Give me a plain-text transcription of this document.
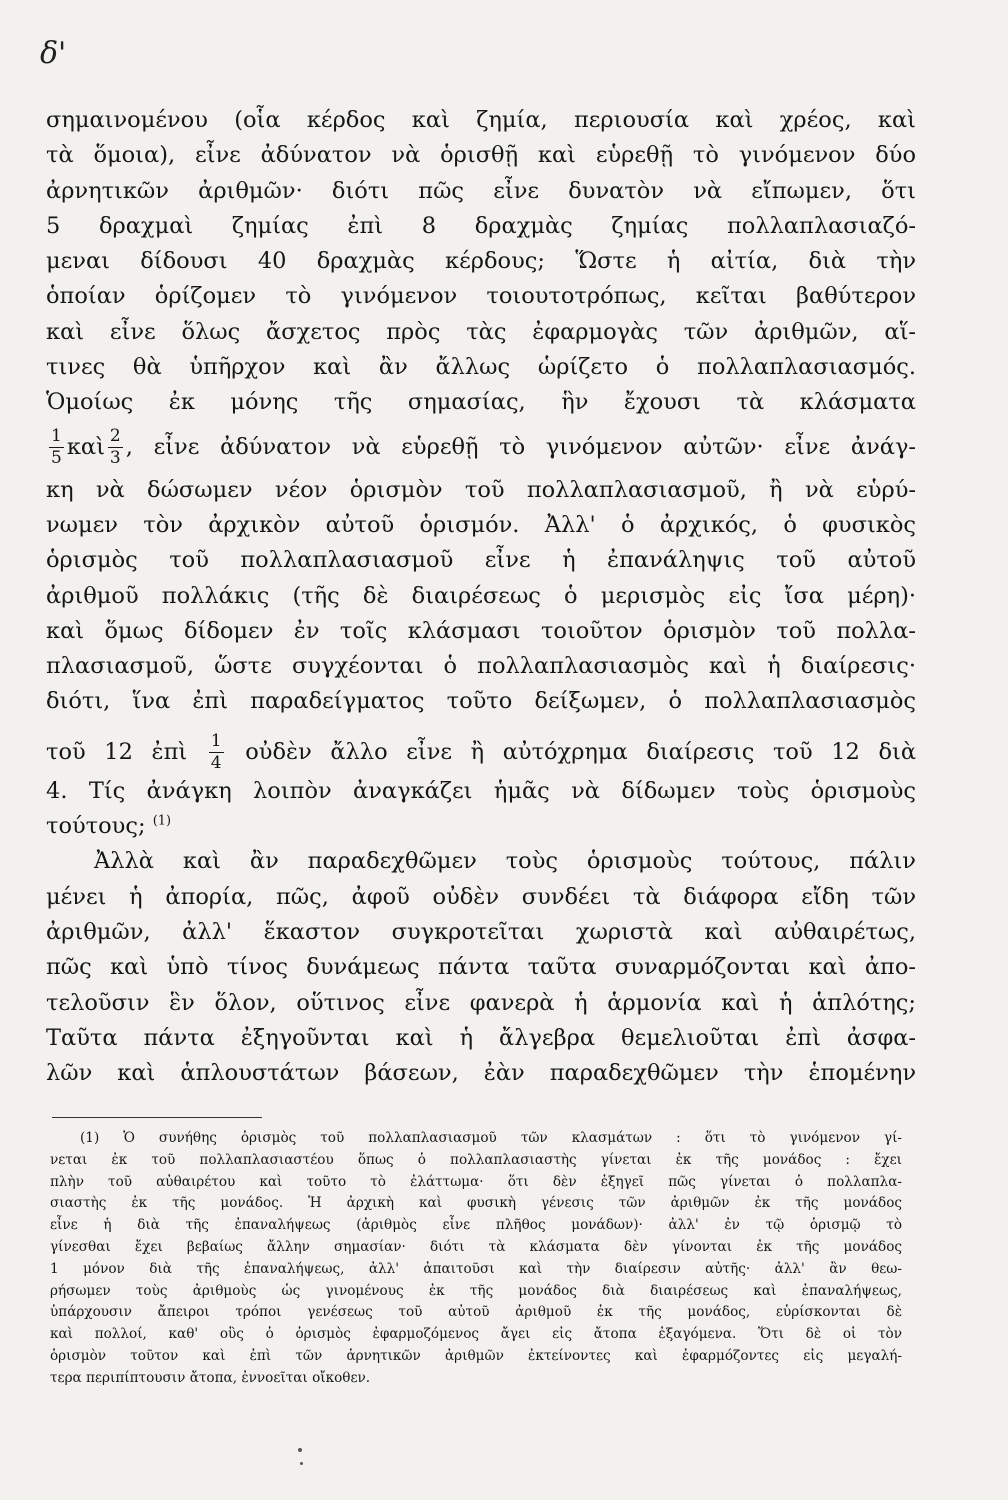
δ'
σημαινομένου (οἷα κέρδος καὶ ζημία, περιουσία καὶ χρέος, καὶ
τὰ ὅμοια), εἶνε ἀδύνατον νὰ ὁρισθῇ καὶ εὑρεθῇ τὸ γινόμενον δύο
ἀρνητικῶν ἀριθμῶν· διότι πῶς εἶνε δυνατὸν νὰ εἴπωμεν, ὅτι
5 δραχμαὶ ζημίας ἐπὶ 8 δραχμὰς ζημίας πολλαπλασιαζό-
μεναι δίδουσι 40 δραχμὰς κέρδους; Ὥστε ἡ αἰτία, διὰ τὴν
ὁποίαν ὁρίζομεν τὸ γινόμενον τοιουτοτρόπως, κεῖται βαθύτερον
καὶ εἶνε ὅλως ἄσχετος πρὸς τὰς ἐφαρμογὰς τῶν ἀριθμῶν, αἵ-
τινες θὰ ὑπῆρχον καὶ ἂν ἄλλως ὡρίζετο ὁ πολλαπλασιασμός.
Ὁμοίως ἐκ μόνης τῆς σημασίας, ἣν ἔχουσι τὰ κλάσματα
$\frac{1}{5}$ καὶ $\frac{2}{3}$ , εἶνε ἀδύνατον νὰ εὑρεθῇ τὸ γινόμενον αὐτῶν· εἶνε ἀνάγ-
κη νὰ δώσωμεν νέον ὁρισμὸν τοῦ πολλαπλασιασμοῦ, ἢ νὰ εὑρύ-
νωμεν τὸν ἀρχικὸν αὐτοῦ ὁρισμόν. Ἀλλ' ὁ ἀρχικός, ὁ φυσικὸς
ὁρισμὸς τοῦ πολλαπλασιασμοῦ εἶνε ἡ ἐπανάληψις τοῦ αὐτοῦ
ἀριθμοῦ πολλάκις (τῆς δὲ διαιρέσεως ὁ μερισμὸς εἰς ἴσα μέρη)·
καὶ ὅμως δίδομεν ἐν τοῖς κλάσμασι τοιοῦτον ὁρισμὸν τοῦ πολλα-
πλασιασμοῦ, ὥστε συγχέονται ὁ πολλαπλασιασμὸς καὶ ἡ διαίρεσις·
διότι, ἵνα ἐπὶ παραδείγματος τοῦτο δείξωμεν, ὁ πολλαπλασιασμὸς
τοῦ 12 ἐπὶ $\frac{1}{4}$ οὐδὲν ἄλλο εἶνε ἢ αὐτόχρημα διαίρεσις τοῦ 12 διὰ
4. Τίς ἀνάγκη λοιπὸν ἀναγκάζει ἡμᾶς νὰ δίδωμεν τοὺς ὁρισμοὺς
τούτους; $^{(1)}$
Ἀλλὰ καὶ ἂν παραδεχθῶμεν τοὺς ὁρισμοὺς τούτους, πάλιν
μένει ἡ ἀπορία, πῶς, ἀφοῦ οὐδὲν συνδέει τὰ διάφορα εἴδη τῶν
ἀριθμῶν, ἀλλ' ἕκαστον συγκροτεῖται χωριστὰ καὶ αὐθαιρέτως,
πῶς καὶ ὑπὸ τίνος δυνάμεως πάντα ταῦτα συναρμόζονται καὶ ἀπο-
τελοῦσιν ἓν ὅλον, οὕτινος εἶνε φανερὰ ἡ ἁρμονία καὶ ἡ ἁπλότης;
Ταῦτα πάντα ἐξηγοῦνται καὶ ἡ ἄλγεβρα θεμελιοῦται ἐπὶ ἀσφα-
λῶν καὶ ἁπλουστάτων βάσεων, ἐὰν παραδεχθῶμεν τὴν ἑπομένην
(1) Ὁ συνήθης ὁρισμὸς τοῦ πολλαπλασιασμοῦ τῶν κλασμάτων : ὅτι τὸ γινόμενον γί-
νεται ἐκ τοῦ πολλαπλασιαστέου ὅπως ὁ πολλαπλασιαστὴς γίνεται ἐκ τῆς μονάδος : ἔχει
πλὴν τοῦ αὐθαιρέτου καὶ τοῦτο τὸ ἐλάττωμα· ὅτι δὲν ἐξηγεῖ πῶς γίνεται ὁ πολλαπλα-
σιαστὴς ἐκ τῆς μονάδος. Ἡ ἀρχικὴ καὶ φυσικὴ γένεσις τῶν ἀριθμῶν ἐκ τῆς μονάδος
εἶνε ἡ διὰ τῆς ἐπαναλήψεως (ἀριθμὸς εἶνε πλῆθος μονάδων)· ἀλλ' ἐν τῷ ὁρισμῷ τὸ
γίνεσθαι ἔχει βεβαίως ἄλλην σημασίαν· διότι τὰ κλάσματα δὲν γίνονται ἐκ τῆς μονάδος
1 μόνον διὰ τῆς ἐπαναλήψεως, ἀλλ' ἀπαιτοῦσι καὶ τὴν διαίρεσιν αὐτῆς· ἀλλ' ἂν θεω-
ρήσωμεν τοὺς ἀριθμοὺς ὡς γινομένους ἐκ τῆς μονάδος διὰ διαιρέσεως καὶ ἐπαναλήψεως,
ὑπάρχουσιν ἄπειροι τρόποι γενέσεως τοῦ αὐτοῦ ἀριθμοῦ ἐκ τῆς μονάδος, εὑρίσκονται δὲ
καὶ πολλοί, καθ' οὓς ὁ ὁρισμὸς ἐφαρμοζόμενος ἄγει εἰς ἄτοπα ἐξαγόμενα. Ὅτι δὲ οἱ τὸν
ὁρισμὸν τοῦτον καὶ ἐπὶ τῶν ἀρνητικῶν ἀριθμῶν ἐκτείνοντες καὶ ἐφαρμόζοντες εἰς μεγαλή-
τερα περιπίπτουσιν ἄτοπα, ἐννοεῖται οἴκοθεν.
